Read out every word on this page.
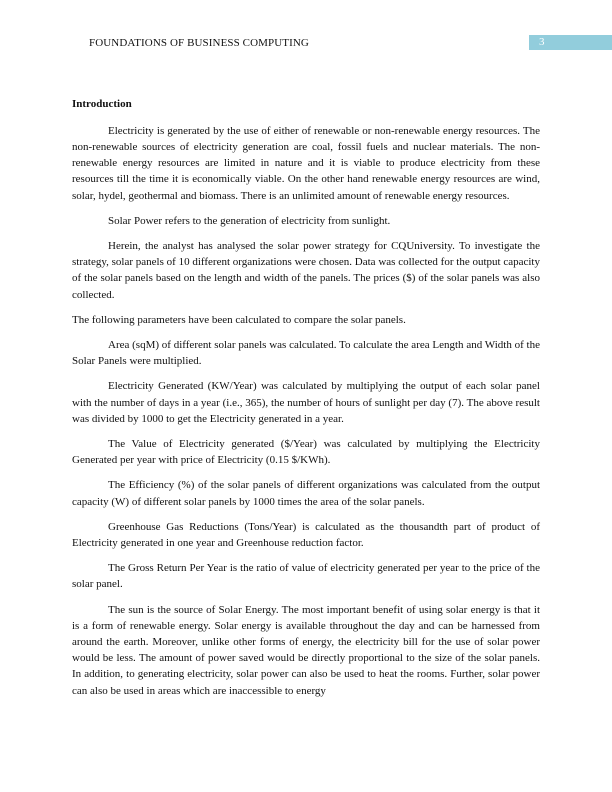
FOUNDATIONS OF BUSINESS COMPUTING	3
Introduction

Electricity is generated by the use of either of renewable or non-renewable energy resources. The non-renewable sources of electricity generation are coal, fossil fuels and nuclear materials. The non-renewable energy resources are limited in nature and it is viable to produce electricity from these resources till the time it is economically viable. On the other hand renewable energy resources are wind, solar, hydel, geothermal and biomass. There is an unlimited amount of renewable energy resources.

Solar Power refers to the generation of electricity from sunlight.

Herein, the analyst has analysed the solar power strategy for CQUniversity. To investigate the strategy, solar panels of 10 different organizations were chosen. Data was collected for the output capacity of the solar panels based on the length and width of the panels. The prices ($) of the solar panels was also collected.

The following parameters have been calculated to compare the solar panels.

Area (sqM) of different solar panels was calculated. To calculate the area Length and Width of the Solar Panels were multiplied.

Electricity Generated (KW/Year) was calculated by multiplying the output of each solar panel with the number of days in a year (i.e., 365), the number of hours of sunlight per day (7). The above result was divided by 1000 to get the Electricity generated in a year.

The Value of Electricity generated ($/Year) was calculated by multiplying the Electricity Generated per year with price of Electricity (0.15 $/KWh).

The Efficiency (%) of the solar panels of different organizations was calculated from the output capacity (W) of different solar panels by 1000 times the area of the solar panels.

Greenhouse Gas Reductions (Tons/Year) is calculated as the thousandth part of product of Electricity generated in one year and Greenhouse reduction factor.

The Gross Return Per Year is the ratio of value of electricity generated per year to the price of the solar panel.

The sun is the source of Solar Energy. The most important benefit of using solar energy is that it is a form of renewable energy. Solar energy is available throughout the day and can be harnessed from around the earth. Moreover, unlike other forms of energy, the electricity bill for the use of solar power would be less. The amount of power saved would be directly proportional to the size of the solar panels. In addition, to generating electricity, solar power can also be used to heat the rooms. Further, solar power can also be used in areas which are inaccessible to energy
